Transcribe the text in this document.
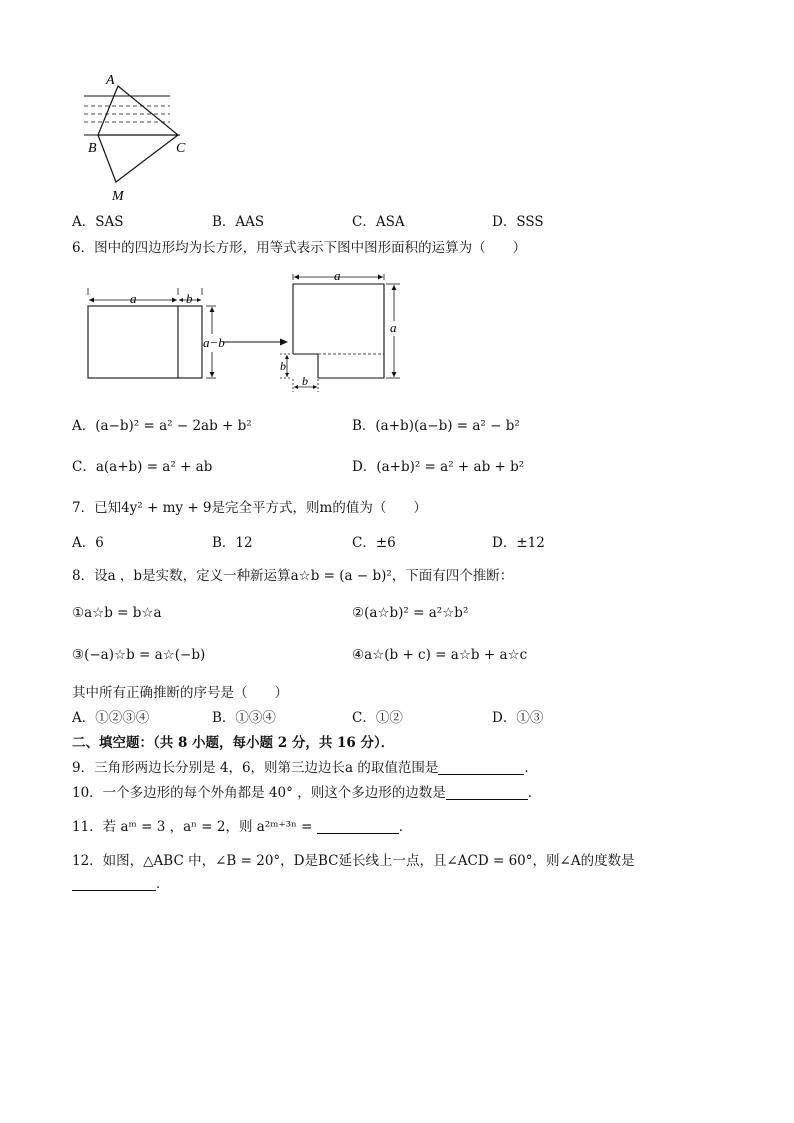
A
B	C
M
A．SAS	B．AAS	C．ASA	D．SSS
6．图中的四边形均为长方形，用等式表示下图中图形面积的运算为（　　）
a	b
a−b
a
a
b
b
A．(a−b)² = a² − 2ab + b²	B．(a+b)(a−b) = a² − b²
C．a(a+b) = a² + ab	D．(a+b)² = a² + ab + b²
7．已知4y² + my + 9是完全平方式，则m的值为（　　）
A．6	B．12	C．±6	D．±12
8．设a ，b是实数，定义一种新运算a☆b = (a − b)²，下面有四个推断：
①a☆b = b☆a	②(a☆b)² = a²☆b²
③(−a)☆b = a☆(−b)	④a☆(b + c) = a☆b + a☆c
其中所有正确推断的序号是（　　）
A．①②③④	B．①③④	C．①②	D．①③
二、填空题：（共 8 小题，每小题 2 分，共 16 分）．
9．三角形两边长分别是 4，6，则第三边边长a 的取值范围是	．
10．一个多边形的每个外角都是 40° ，则这个多边形的边数是	．
11．若 aᵐ = 3 ，aⁿ = 2，则 a²ᵐ⁺³ⁿ =	．
12．如图，△ABC 中，∠B = 20°，D是BC延长线上一点，且∠ACD = 60°，则∠A的度数是
．
